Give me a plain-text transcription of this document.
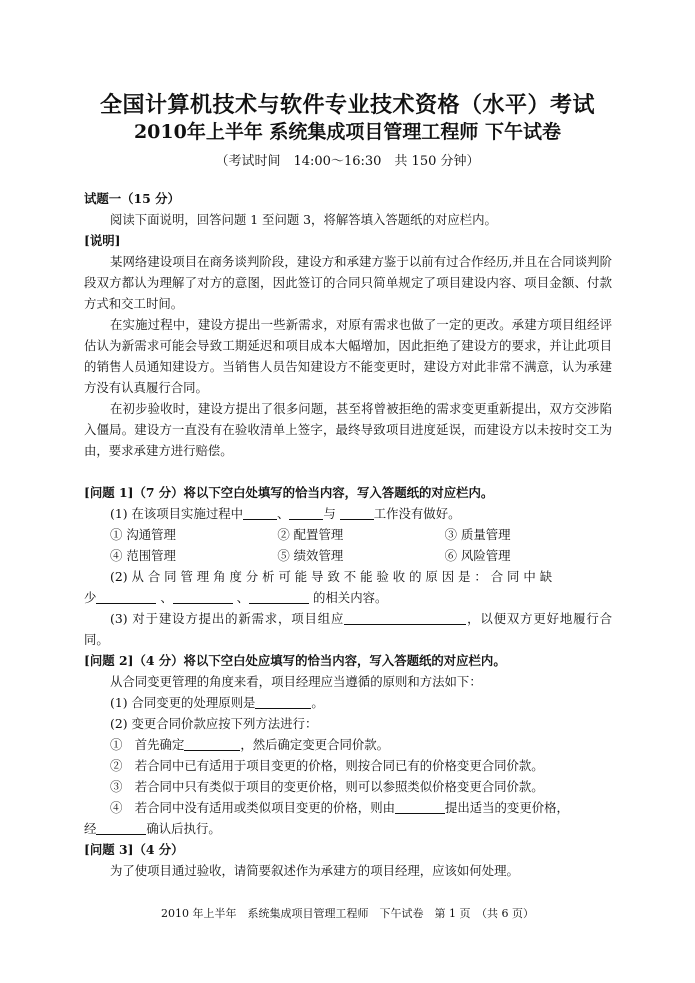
全国计算机技术与软件专业技术资格（水平）考试
2010年上半年 系统集成项目管理工程师 下午试卷
（考试时间　14:00～16:30　共 150 分钟）

试题一（15 分）

阅读下面说明，回答问题 1 至问题 3，将解答填入答题纸的对应栏内。

[说明]

某网络建设项目在商务谈判阶段，建设方和承建方鉴于以前有过合作经历,并且在合同谈判阶段双方都认为理解了对方的意图，因此签订的合同只简单规定了项目建设内容、项目金额、付款方式和交工时间。

在实施过程中，建设方提出一些新需求，对原有需求也做了一定的更改。承建方项目组经评估认为新需求可能会导致工期延迟和项目成本大幅增加，因此拒绝了建设方的要求，并让此项目的销售人员通知建设方。当销售人员告知建设方不能变更时，建设方对此非常不满意，认为承建方没有认真履行合同。

在初步验收时，建设方提出了很多问题，甚至将曾被拒绝的需求变更重新提出，双方交涉陷入僵局。建设方一直没有在验收清单上签字，最终导致项目进度延误，而建设方以未按时交工为由，要求承建方进行赔偿。

[问题 1]（7 分）将以下空白处填写的恰当内容，写入答题纸的对应栏内。

(1) 在该项目实施过程中	、	与	工作没有做好。

① 沟通管理	② 配置管理	③ 质量管理
④ 范围管理	⑤ 绩效管理	⑥ 风险管理

(2) 从 合 同 管 理 角 度 分 析 可 能 导 致 不 能 验 收 的 原 因 是 ： 合 同 中 缺

少	、	、	的相关内容。

(3) 对于建设方提出的新需求，项目组应	，以便双方更好地履行合同。

[问题 2]（4 分）将以下空白处应填写的恰当内容，写入答题纸的对应栏内。

从合同变更管理的角度来看，项目经理应当遵循的原则和方法如下：

(1) 合同变更的处理原则是	。

(2) 变更合同价款应按下列方法进行：

①　首先确定	，然后确定变更合同价款。

②　若合同中已有适用于项目变更的价格，则按合同已有的价格变更合同价款。

③　若合同中只有类似于项目的变更价格，则可以参照类似价格变更合同价款。

④　若合同中没有适用或类似项目变更的价格，则由	提出适当的变更价格，

经	确认后执行。

[问题 3]（4 分）

为了使项目通过验收，请简要叙述作为承建方的项目经理，应该如何处理。

2010 年上半年　系统集成项目管理工程师　下午试卷　第 1 页　（共 6 页）
